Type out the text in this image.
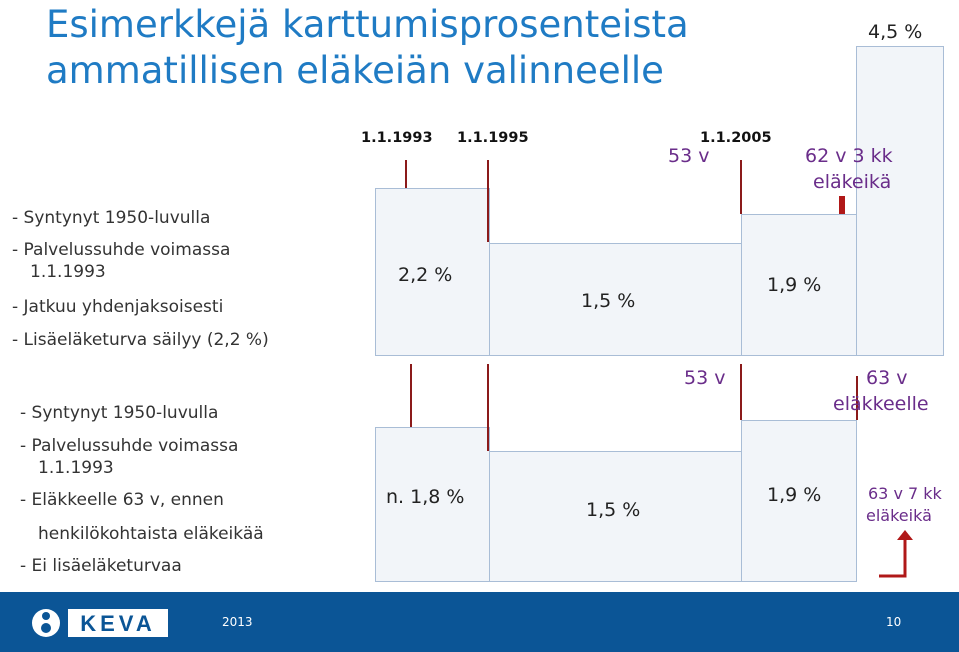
Esimerkkejä karttumisprosenteista
ammatillisen eläkeiän valinneelle
- Syntynyt 1950-luvulla
- Palvelussuhde voimassa
1.1.1993
- Jatkuu yhdenjaksoisesti
- Lisäeläketurva säilyy (2,2 %)
1.1.1993 1.1.1995	1.1.2005
53 v	62 v 3 kk
eläkeikä
2,2 %
1,5 %
1,9 %
4,5 %
- Syntynyt 1950-luvulla
- Palvelussuhde voimassa
1.1.1993
- Eläkkeelle 63 v, ennen
henkilökohtaista eläkeikää
- Ei lisäeläketurvaa
53 v	63 v
eläkkeelle
n. 1,8 %
1,5 %
1,9 %	63 v 7 kk
eläkeikä
KEVA	2013	10
